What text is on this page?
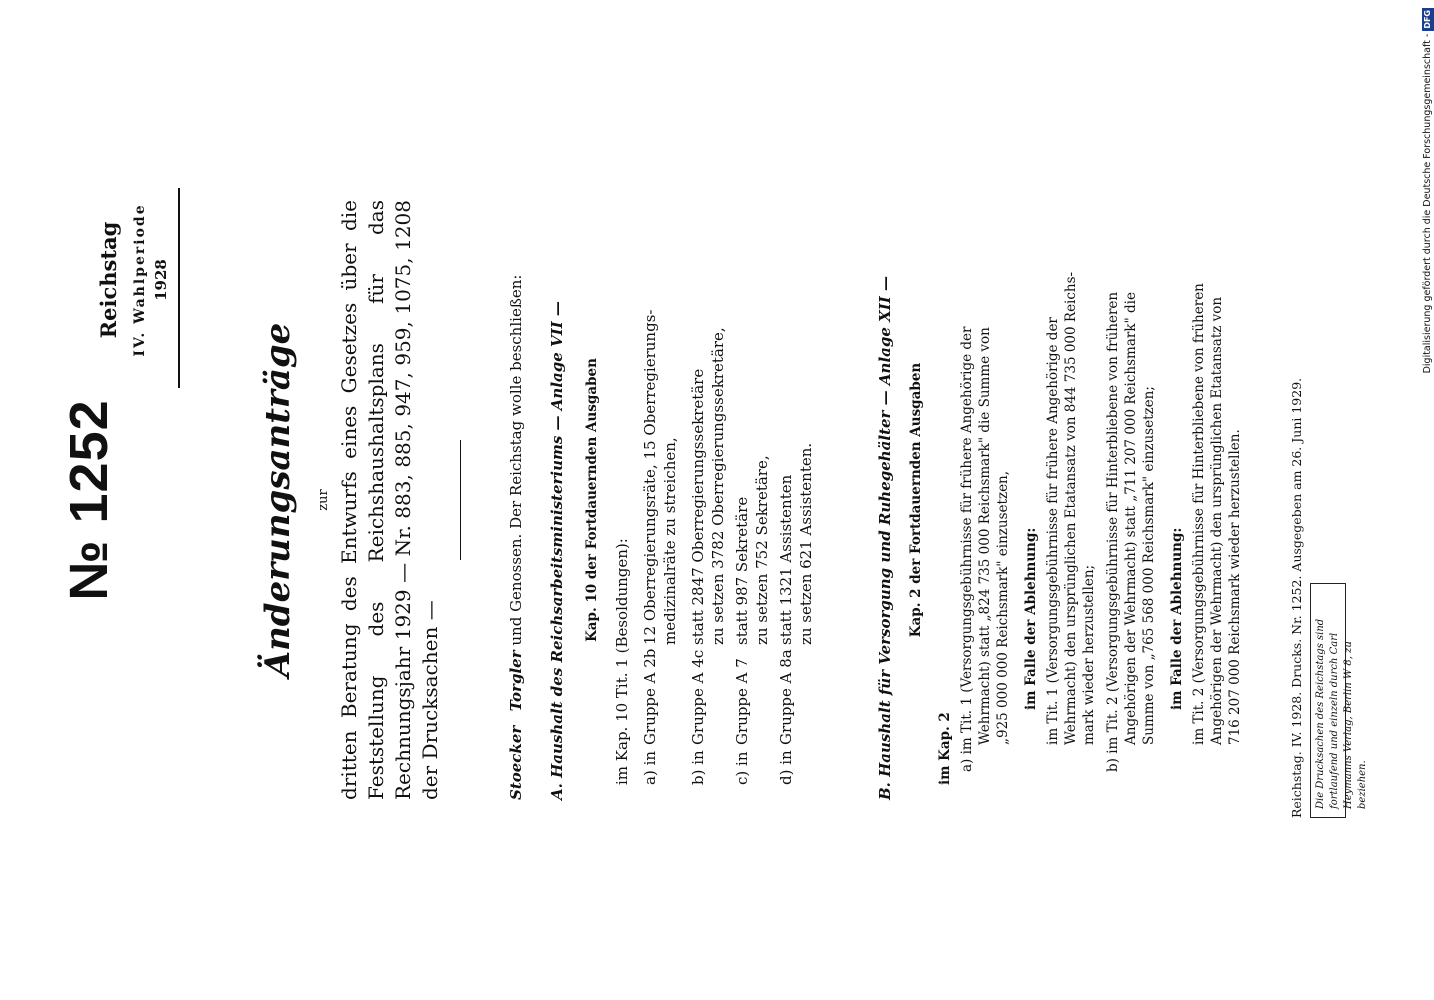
№ 1252
Reichstag IV. Wahlperiode 1928
Änderungsanträge zur dritten Beratung des Entwurfs eines Gesetzes über die Feststellung des Reichshaushaltsplans für das Rechnungsjahr 1929 — Nr. 883, 885, 947, 959, 1075, 1208 der Drucksachen —	Stoecker   Torgler und Genossen. Der Reichstag wolle beschließen: A. Haushalt des Reichsarbeitsministeriums — Anlage VII — Kap. 10 der Fortdauernden Ausgaben
im Kap. 10 Tit. 1 (Besoldungen): a) inGruppe A 2b12 Oberregierungsräte, 15 Oberregierungs- medizinalräte zu streichen,
b) inGruppe A 4cstatt 2847 Oberregierungssekretäre zu setzen 3782 Oberregierungssekretäre,
c) inGruppe A 7statt 987 Sekretäre zu setzen 752 Sekretäre,
d) inGruppe A 8astatt 1321 Assistenten zu setzen 621 Assistenten.	B. Haushalt für Versorgung und Ruhegehälter — Anlage XII — Kap. 2 der Fortdauernden Ausgaben
im Kap. 2 a) im Tit. 1 (Versorgungsgebührnisse für frühere Angehörige der Wehrmacht) statt „824 735 000 Reichsmark" die Summe von „925 000 000 Reichsmark" einzusetzen, im Falle der Ablehnung: im Tit. 1 (Versorgungsgebührnisse für frühere Angehörige der Wehrmacht) den ursprünglichen Etatansatz von 844 735 000 Reichs- mark wieder herzustellen; b) im Tit. 2 (Versorgungsgebührnisse für Hinterbliebene von früheren Angehörigen der Wehrmacht) statt „711 207 000 Reichsmark" die Summe von „765 568 000 Reichsmark" einzusetzen; im Falle der Ablehnung: im Tit. 2 (Versorgungsgebührnisse für Hinterbliebene von früheren Angehörigen der Wehrmacht) den ursprünglichen Etatansatz von 716 207 000 Reichsmark wieder herzustellen.	Reichstag. IV. 1928. Drucks. Nr. 1252. Ausgegeben am 26. Juni 1929.	Die Drucksachen des Reichstags sind fortlaufend und einzeln durch Carl Heymanns Verlag, Berlin W 8, zu beziehen.
Digitalisierung gefördert durch die Deutsche Forschungsgemeinschaft -DFG
